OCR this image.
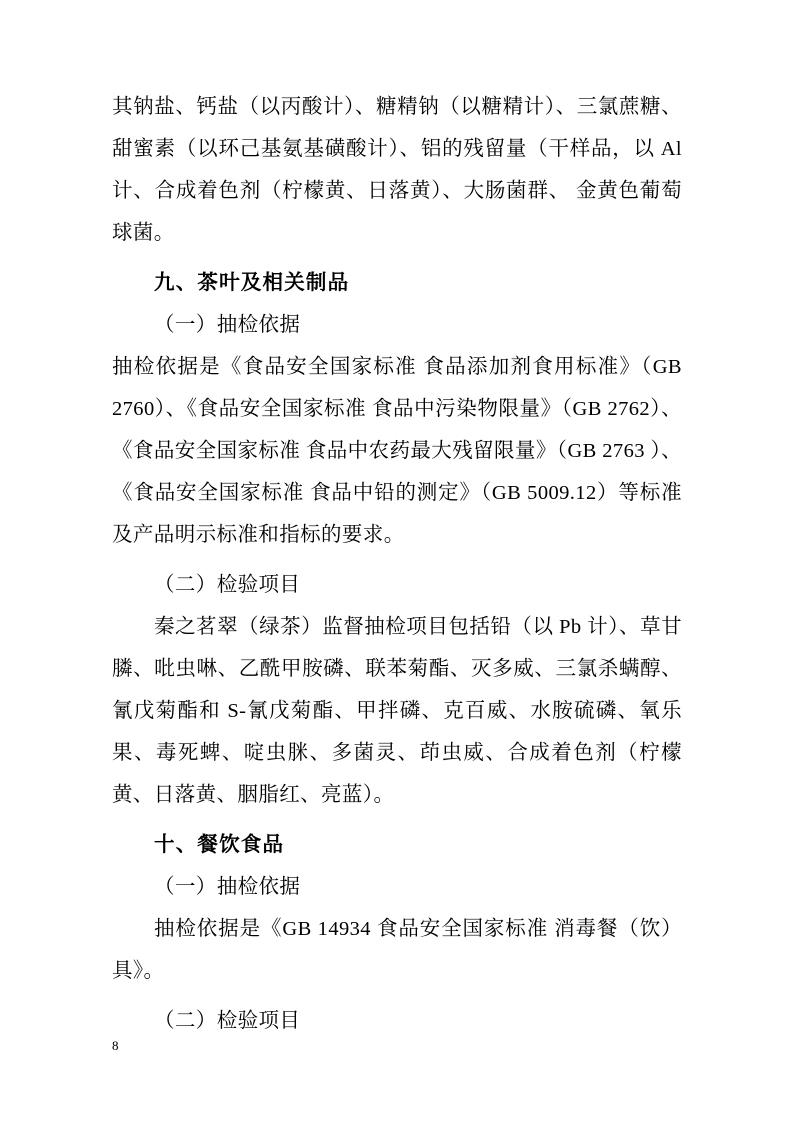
其钠盐、钙盐（以丙酸计）、糖精钠（以糖精计）、三氯蔗糖、甜蜜素（以环己基氨基磺酸计）、铝的残留量（干样品，以 Al 计、合成着色剂（柠檬黄、日落黄）、大肠菌群、 金黄色葡萄球菌。

九、茶叶及相关制品

（一）抽检依据

抽检依据是《食品安全国家标准 食品添加剂食用标准》（GB 2760）、《食品安全国家标准 食品中污染物限量》（GB 2762）、《食品安全国家标准 食品中农药最大残留限量》（GB 2763 ）、《食品安全国家标准 食品中铅的测定》（GB 5009.12）等标准及产品明示标准和指标的要求。

（二）检验项目

秦之茗翠（绿茶）监督抽检项目包括铅（以 Pb 计）、草甘膦、吡虫啉、乙酰甲胺磷、联苯菊酯、灭多威、三氯杀螨醇、氰戊菊酯和 S-氰戊菊酯、甲拌磷、克百威、水胺硫磷、氧乐果、毒死蜱、啶虫脒、多菌灵、茚虫威、合成着色剂（柠檬黄、日落黄、胭脂红、亮蓝）。

十、餐饮食品

（一）抽检依据

抽检依据是《GB 14934 食品安全国家标准 消毒餐（饮）具》。

（二）检验项目

8
